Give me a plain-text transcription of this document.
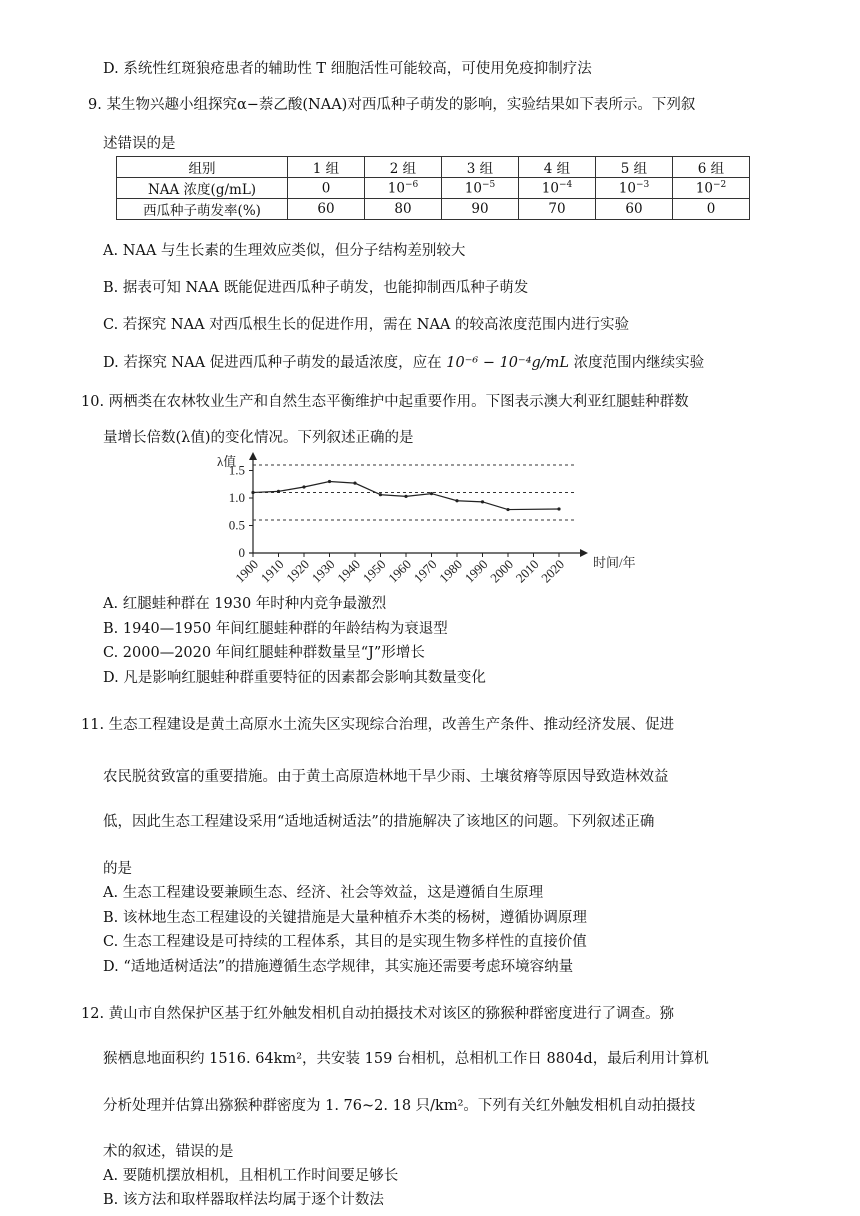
D. 系统性红斑狼疮患者的辅助性 T 细胞活性可能较高，可使用免疫抑制疗法
9. 某生物兴趣小组探究α−萘乙酸(NAA)对西瓜种子萌发的影响，实验结果如下表所示。下列叙
述错误的是
组别	1 组	2 组	3 组	4 组	5 组	6 组
NAA 浓度(g/mL)	0	$10^{-6}$	$10^{-5}$	$10^{-4}$	$10^{-3}$	$10^{-2}$
西瓜种子萌发率(%)	60	80	90	70	60	0
A. NAA 与生长素的生理效应类似，但分子结构差别较大
B. 据表可知 NAA 既能促进西瓜种子萌发，也能抑制西瓜种子萌发
C. 若探究 NAA 对西瓜根生长的促进作用，需在 NAA 的较高浓度范围内进行实验
D. 若探究 NAA 促进西瓜种子萌发的最适浓度，应在 10⁻⁶ − 10⁻⁴g/mL 浓度范围内继续实验
10. 两栖类在农林牧业生产和自然生态平衡维护中起重要作用。下图表示澳大利亚红腿蛙种群数
量增长倍数(λ值)的变化情况。下列叙述正确的是
0
0.5
1.0
1.5
λ值
1900
1910
1920
1930
1940
1950
1960
1970
1980
1990
2000
2010
2020 时间/年
A. 红腿蛙种群在 1930 年时种内竞争最激烈
B. 1940—1950 年间红腿蛙种群的年龄结构为衰退型
C. 2000—2020 年间红腿蛙种群数量呈“J”形增长
D. 凡是影响红腿蛙种群重要特征的因素都会影响其数量变化
11. 生态工程建设是黄土高原水土流失区实现综合治理，改善生产条件、推动经济发展、促进
农民脱贫致富的重要措施。由于黄土高原造林地干旱少雨、土壤贫瘠等原因导致造林效益
低，因此生态工程建设采用“适地适树适法”的措施解决了该地区的问题。下列叙述正确
的是
A. 生态工程建设要兼顾生态、经济、社会等效益，这是遵循自生原理
B. 该林地生态工程建设的关键措施是大量种植乔木类的杨树，遵循协调原理
C. 生态工程建设是可持续的工程体系，其目的是实现生物多样性的直接价值
D. “适地适树适法”的措施遵循生态学规律，其实施还需要考虑环境容纳量
12. 黄山市自然保护区基于红外触发相机自动拍摄技术对该区的猕猴种群密度进行了调查。猕
猴栖息地面积约 1516. 64km²，共安装 159 台相机，总相机工作日 8804d，最后利用计算机
分析处理并估算出猕猴种群密度为 1. 76~2. 18 只/km²。下列有关红外触发相机自动拍摄技
术的叙述，错误的是
A. 要随机摆放相机，且相机工作时间要足够长
B. 该方法和取样器取样法均属于逐个计数法
